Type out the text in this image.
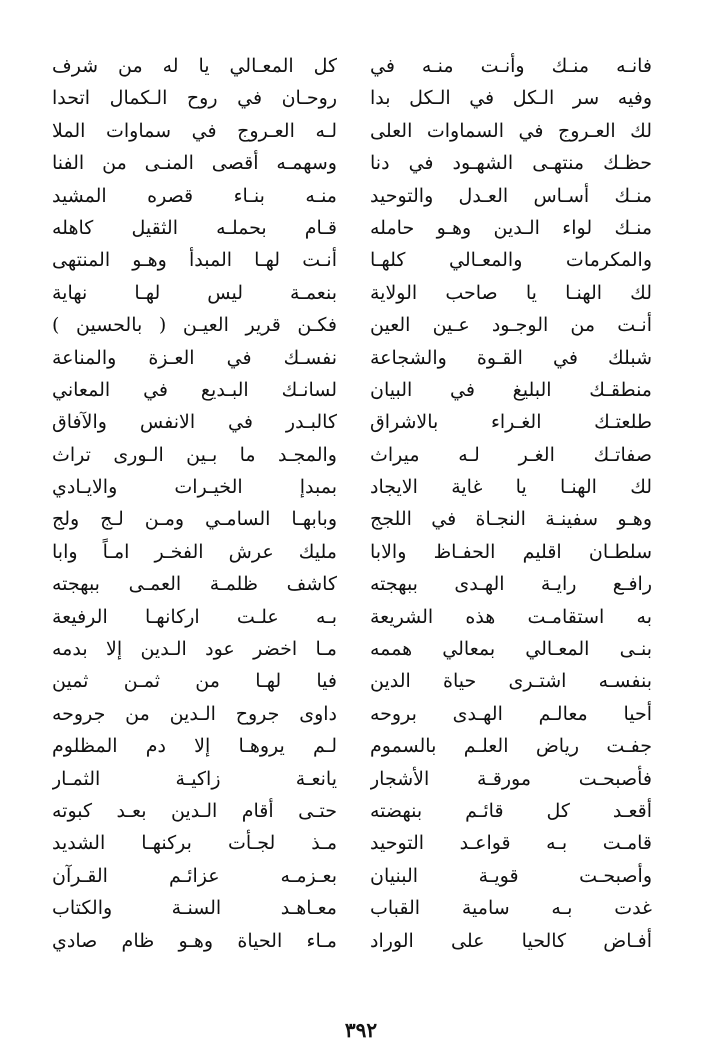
فانـه منـك وأنـت منـه في
كل المعـالي يا له من شرف
وفيه سر الـكل في الـكل بدا
روحـان في روح الـكمال اتحدا
لك العـروج في السماوات العلى
لـه العـروج في سماوات الملا
حظـك منتهـى الشهـود في دنا
وسهمـه أقصى المنـى من الفنا
منـك أسـاس العـدل والتوحيد
منـه بنـاء قصره المشيد
منـك لواء الـدين وهـو حامله
قـام بحملـه الثقيل كاهله
والمكرمات والمعـالي كلهـا
أنـت لهـا المبدأ وهـو المنتهى
لك الهنـا يا صاحب الولاية
بنعمـة ليس لهـا نهاية
أنـت من الوجـود عـين العين
فكـن قرير العيـن ( بالحسين )
شبلك في القـوة والشجاعة
نفسـك في العـزة والمناعة
منطقـك البليغ في البيان
لسانـك البـديع في المعاني
طلعتـك الغـراء بالاشراق
كالبـدر في الانفس والآفاق
صفاتـك الغـر لـه ميراث
والمجـد ما بـين الـورى تراث
لك الهنـا يا غاية الايجاد
بمبدإ الخيـرات والايـادي
وهـو سفينـة النجـاة في اللجج
وبابهـا السامـي ومـن لـج ولج
سلطـان اقليم الحفـاظ والابا
مليك عرش الفخـر امـاً وابا
رافـع رايـة الهـدى ببهجته
كاشف ظلمـة العمـى ببهجته
به استقامـت هذه الشريعة
بـه علـت اركانهـا الرفيعة
بنـى المعـالي بمعالي هممه
مـا اخضر عود الـدين إلا بدمه
بنفسـه اشتـرى حياة الدين
فيا لهـا من ثمـن ثمين
أحيا معالـم الهـدى بروحه
داوى جروح الـدين من جروحه
جفـت رياض العلـم بالسموم
لـم يروهـا إلا دم المظلوم
فأصبحـت مورقـة الأشجار
يانعـة زاكيـة الثمـار
أقعـد كل قائـم بنهضته
حتـى أقام الـدين بعـد كبوته
قامـت بـه قواعـد التوحيد
مـذ لجـأت بركنهـا الشديد
وأصبحـت قويـة البنيان
بعـزمـه عزائـم القـرآن
غدت بـه سامية القباب
معـاهـد السنـة والكتاب
أفـاض كالحيا على الوراد
مـاء الحياة وهـو ظام صادي
٣٩٢
